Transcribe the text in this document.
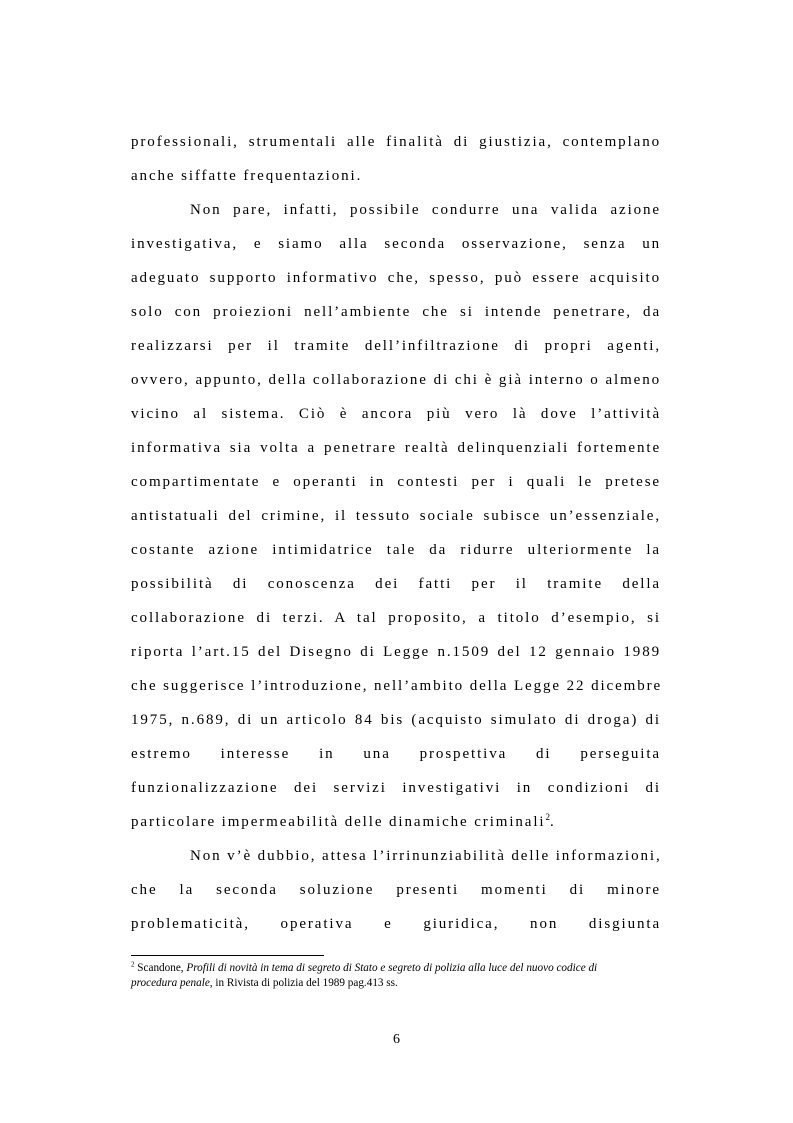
professionali, strumentali alle finalità di giustizia, contemplano
anche siffatte frequentazioni.
Non pare, infatti, possibile condurre una valida azione
investigativa, e siamo alla seconda osservazione, senza un
adeguato supporto informativo che, spesso, può essere acquisito
solo con proiezioni nell’ambiente che si intende penetrare, da
realizzarsi per il tramite dell’infiltrazione di propri agenti,
ovvero, appunto, della collaborazione di chi è già interno o almeno
vicino al sistema. Ciò è ancora più vero là dove l’attività
informativa sia volta a penetrare realtà delinquenziali fortemente
compartimentate e operanti in contesti per i quali le pretese
antistatuali del crimine, il tessuto sociale subisce un’essenziale,
costante azione intimidatrice tale da ridurre ulteriormente la
possibilità di conoscenza dei fatti per il tramite della
collaborazione di terzi. A tal proposito, a titolo d’esempio, si
riporta l’art.15 del Disegno di Legge n.1509 del 12 gennaio 1989
che suggerisce l’introduzione, nell’ambito della Legge 22 dicembre
1975, n.689, di un articolo 84 bis (acquisto simulato di droga) di
estremo interesse in una prospettiva di perseguita
funzionalizzazione dei servizi investigativi in condizioni di
particolare impermeabilità delle dinamiche criminali$^2$.
Non v’è dubbio, attesa l’irrinunziabilità delle informazioni,
che la seconda soluzione presenti momenti di minore
problematicità, operativa e giuridica, non disgiunta
$^2$ Scandone, Profili di novità in tema di segreto di Stato e segreto di polizia alla luce del nuovo codice di
procedura penale, in Rivista di polizia del 1989 pag.413 ss.
6
